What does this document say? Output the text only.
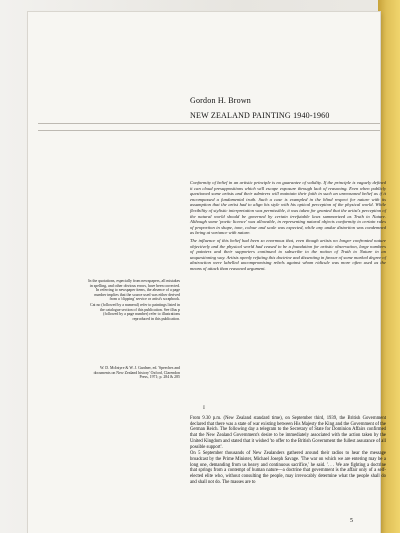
Gordon H. Brown
NEW ZEALAND PAINTING 1940-1960

Conformity of belief in an artistic principle is no guarantee of validity. If the principle is vaguely defined it can cloud presuppositions which will escape exposure through lack of reasoning. Even when publicly questioned some artists and their admirers will maintain their faith in such an unreasoned belief as if it encompassed a fundamental truth. Such a case is exampled in the blind respect for nature with its assumption that the artist had to align his style with his optical perception of the physical world. While flexibility of stylistic interpretation was permissible, it was taken for granted that the artist's perception of the natural world should be governed by certain irrefutable laws summarized as Truth to Nature. Although some 'poetic licence' was allowable, in representing natural objects conformity to certain rules of proportion in shape, tone, colour and scale was expected, while any undue distortion was condemned as being at variance with nature.

The influence of this belief had been so enormous that, even though artists no longer confronted nature objectively and the physical world had ceased to be a foundation for artistic observation, large numbers of painters and their supporters continued to subscribe to the notion of Truth to Nature in an unquestioning way. Artists openly refuting this doctrine and dissenting in favour of some marked degree of abstraction were labelled uncompromising rebels against whom ridicule was more often used as the means of attack than reasoned argument.

I

From 9.30 p.m. (New Zealand standard time), on September third, 1939, the British Government declared that there was a state of war existing between His Majesty the King and the Government of the German Reich. The following day a telegram to the Secretary of State for Dominion Affairs confirmed that the New Zealand Government's desire to be immediately associated with the action taken by the United Kingdom and stated that it wished 'to offer to the British Government the fullest assurance of all possible support'.

On 5 September thousands of New Zealanders gathered around their radios to hear the message broadcast by the Prime Minister, Michael Joseph Savage. 'The war on which we are entering may be a long one, demanding from us heavy and continuous sacrifice,' he said. '. . . We are fighting a doctrine that springs from a contempt of human nature—a doctrine that government is the affair only of a self-elected elite who, without consulting the people, may irrevocably determine what the people shall do and shall not do. The masses are to

In the quotations, especially from newspapers, all mistakes in spelling, and other obvious errors, have been corrected. In referring to newspaper items, the absence of a page number implies that the source used was either derived from a 'clipping' service or artist's scrapbook.

Cat no (followed by a numeral) refer to paintings listed in the catalogue section of this publication. See illus p (followed by a page number) refer to illustrations reproduced in this publication.

W. D. McIntyre & W. J. Gardner, ed. 'Speeches and documents on New Zealand history' Oxford, Clarendon Press, 1971; p. 284 & 285

5
